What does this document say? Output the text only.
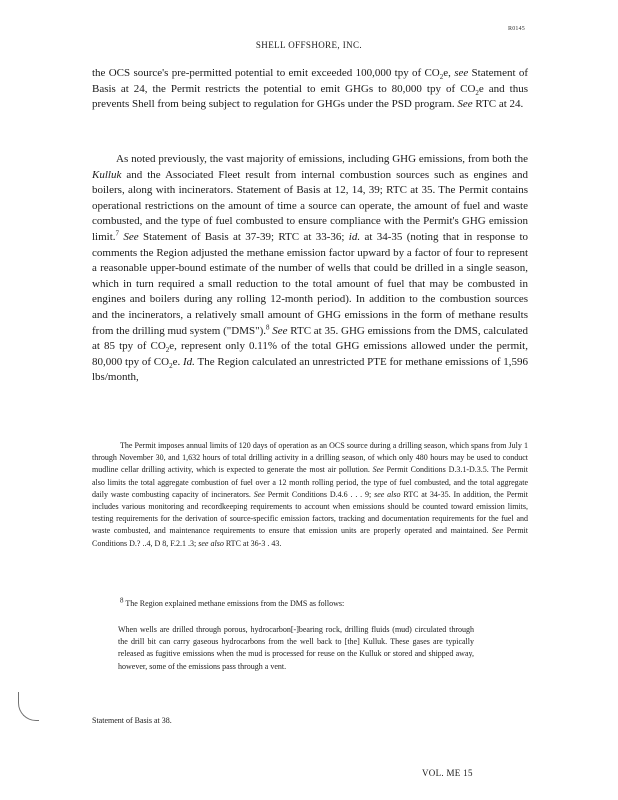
R0145
SHELL OFFSHORE, INC.

the OCS source's pre-permitted potential to emit exceeded 100,000 tpy of $CO_2e$, see Statement of Basis at 24, the Permit restricts the potential to emit GHGs to 80,000 tpy of $CO_2e$ and thus prevents Shell from being subject to regulation for GHGs under the PSD program. See RTC at 24.

As noted previously, the vast majority of emissions, including GHG emissions, from both the Kulluk and the Associated Fleet result from internal combustion sources such as engines and boilers, along with incinerators. Statement of Basis at 12, 14, 39; RTC at 35. The Permit contains operational restrictions on the amount of time a source can operate, the amount of fuel and waste combusted, and the type of fuel combusted to ensure compliance with the Permit's GHG emission limit.$^7$ See Statement of Basis at 37-39; RTC at 33-36; id. at 34-35 (noting that in response to comments the Region adjusted the methane emission factor upward by a factor of four to represent a reasonable upper-bound estimate of the number of wells that could be drilled in a single season, which in turn required a small reduction to the total amount of fuel that may be combusted in engines and boilers during any rolling 12-month period). In addition to the combustion sources and the incinerators, a relatively small amount of GHG emissions in the form of methane results from the drilling mud system ("DMS").$^8$ See RTC at 35. GHG emissions from the DMS, calculated at 85 tpy of $CO_2e$, represent only 0.11% of the total GHG emissions allowed under the permit, 80,000 tpy of $CO_2e$. Id. The Region calculated an unrestricted PTE for methane emissions of 1,596 lbs/month,

The Permit imposes annual limits of 120 days of operation as an OCS source during a drilling season, which spans from July 1 through November 30, and 1,632 hours of total drilling activity in a drilling season, of which only 480 hours may be used to conduct mudline cellar drilling activity, which is expected to generate the most air pollution. See Permit Conditions D.3.1-D.3.5. The Permit also limits the total aggregate combustion of fuel over a 12 month rolling period, the type of fuel combusted, and the total aggregate daily waste combusting capacity of incinerators. See Permit Conditions D.4.6 . . . 9; see also RTC at 34-35. In addition, the Permit includes various monitoring and recordkeeping requirements to account when emissions should be counted toward emission limits, testing requirements for the derivation of source-specific emission factors, tracking and documentation requirements for the fuel and waste combusted, and maintenance requirements to ensure that emission units are properly operated and maintained. See Permit Conditions D.? ..4, D 8, F.2.1 .3; see also RTC at 36-3 . 43.

$^8$ The Region explained methane emissions from the DMS as follows:

When wells are drilled through porous, hydrocarbon[-]bearing rock, drilling fluids (mud) circulated through the drill bit can carry gaseous hydrocarbons from the well back to [the] Kulluk. These gases are typically released as fugitive emissions when the mud is processed for reuse on the Kulluk or stored and shipped away, however, some of the emissions pass through a vent.

Statement of Basis at 38.

VOL. ME 15
